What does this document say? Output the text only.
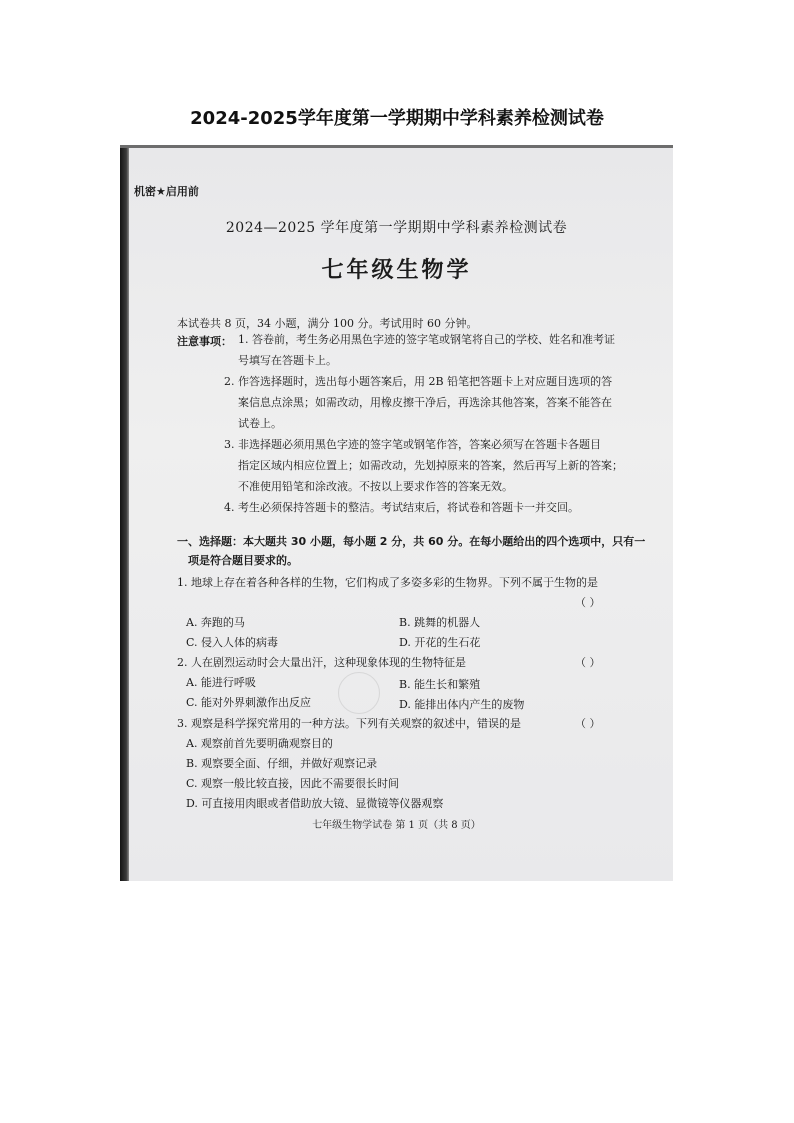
2024-2025学年度第一学期期中学科素养检测试卷

机密★启用前
2024—2025 学年度第一学期期中学科素养检测试卷
七年级生物学
本试卷共 8 页，34 小题，满分 100 分。考试用时 60 分钟。
注意事项： 1. 答卷前，考生务必用黑色字迹的签字笔或钢笔将自己的学校、姓名和准考证
号填写在答题卡上。
2. 作答选择题时，选出每小题答案后，用 2B 铅笔把答题卡上对应题目选项的答
案信息点涂黑；如需改动，用橡皮擦干净后，再选涂其他答案，答案不能答在
试卷上。
3. 非选择题必须用黑色字迹的签字笔或钢笔作答，答案必须写在答题卡各题目
指定区域内相应位置上；如需改动，先划掉原来的答案，然后再写上新的答案；
不准使用铅笔和涂改液。不按以上要求作答的答案无效。
4. 考生必须保持答题卡的整洁。考试结束后，将试卷和答题卡一并交回。
一、选择题：本大题共 30 小题，每小题 2 分，共 60 分。在每小题给出的四个选项中，只有一
项是符合题目要求的。
1. 地球上存在着各种各样的生物，它们构成了多姿多彩的生物界。下列不属于生物的是
（ ）
A. 奔跑的马	B. 跳舞的机器人
C. 侵入人体的病毒	D. 开花的生石花
2. 人在剧烈运动时会大量出汗，这种现象体现的生物特征是	（ ）
A. 能进行呼吸	B. 能生长和繁殖
C. 能对外界刺激作出反应	D. 能排出体内产生的废物
3. 观察是科学探究常用的一种方法。下列有关观察的叙述中，错误的是	（ ）
A. 观察前首先要明确观察目的
B. 观察要全面、仔细，并做好观察记录
C. 观察一般比较直接，因此不需要很长时间
D. 可直接用肉眼或者借助放大镜、显微镜等仪器观察
七年级生物学试卷 第 1 页（共 8 页）
